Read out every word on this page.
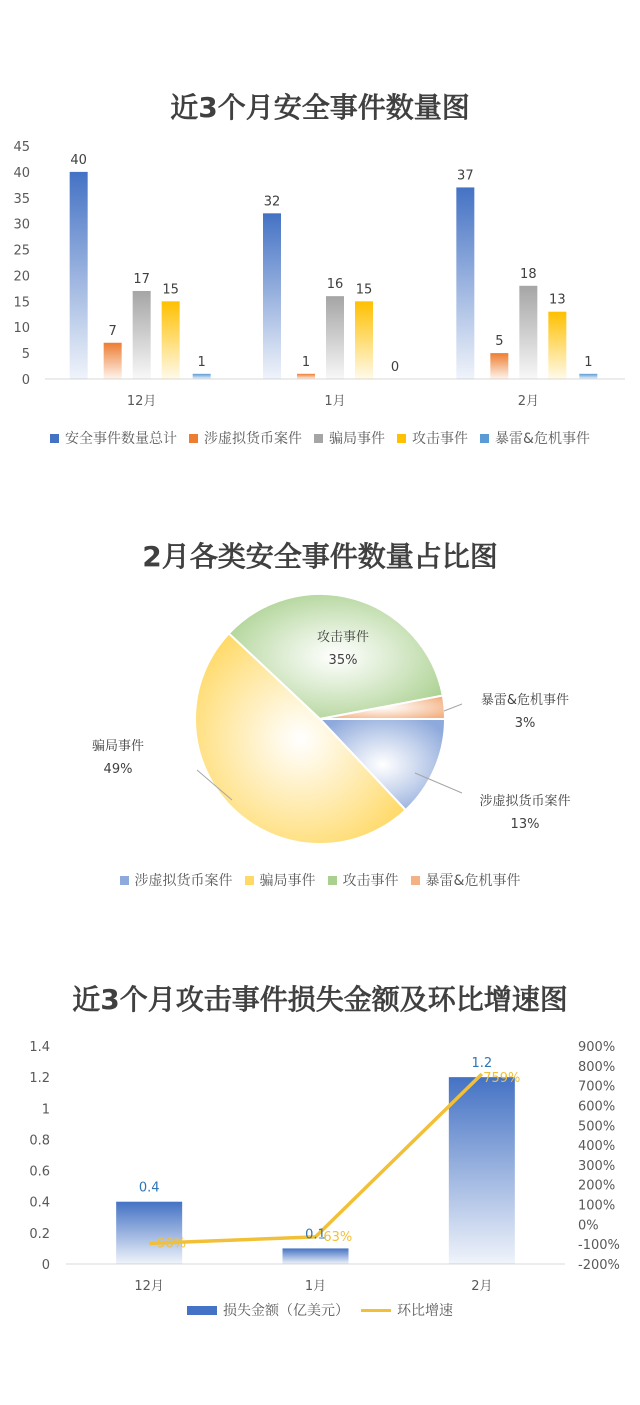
近3个月安全事件数量图
0
5
10
15
20
25
30
35
40
45
12月
40
7
17
15
1
1月
32
1
16 15
0
2月
37
5
18
13
1
安全事件数量总计 涉虚拟货币案件 骗局事件 攻击事件 暴雷&危机事件
2月各类安全事件数量占比图
涉虚拟货币案件
13%
骗局事件
49%
攻击事件
35%
暴雷&危机事件
3%
涉虚拟货币案件 骗局事件 攻击事件 暴雷&危机事件
近3个月攻击事件损失金额及环比增速图
0
0.2
0.4
0.6
0.8
1
1.2
1.4
-200%
-100%
0%
100%
200%
300%
400%
500%
600%
700%
800%
900%
12月	1月	2月
0.4
-96%
0.1
-63%
1.2
759%
损失金额（亿美元）	环比增速
